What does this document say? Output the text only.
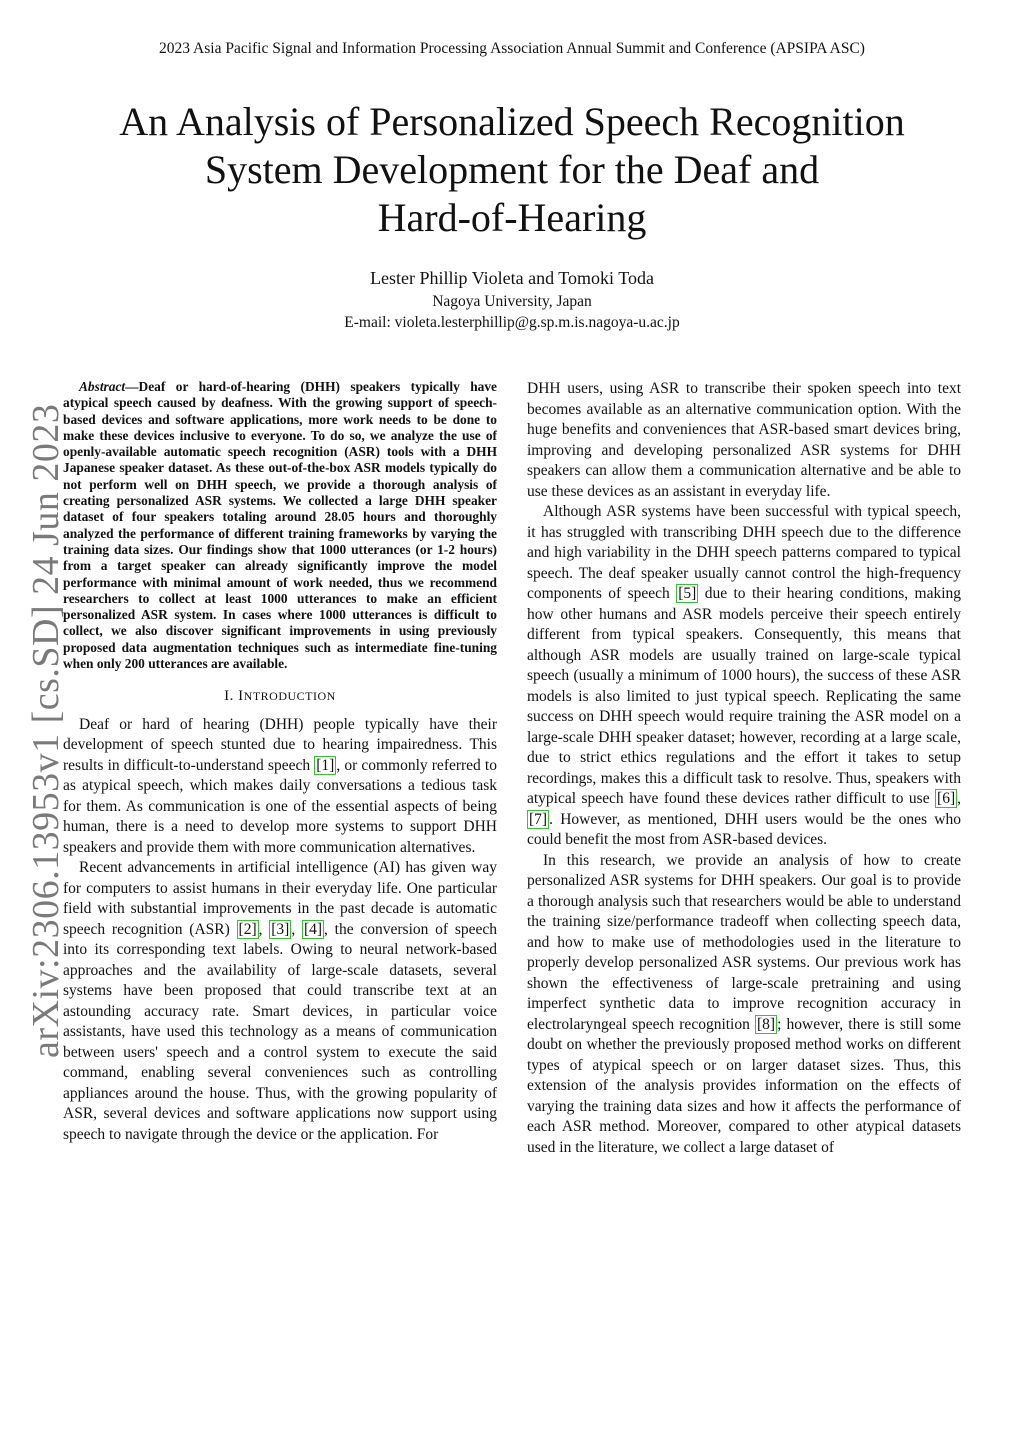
2023 Asia Pacific Signal and Information Processing Association Annual Summit and Conference (APSIPA ASC)
An Analysis of Personalized Speech Recognition
System Development for the Deaf and
Hard-of-Hearing
Lester Phillip Violeta and Tomoki Toda
Nagoya University, Japan
E-mail: violeta.lesterphillip@g.sp.m.is.nagoya-u.ac.jp
arXiv:2306.13953v1 [cs.SD] 24 Jun 2023

Abstract—Deaf or hard-of-hearing (DHH) speakers typically have atypical speech caused by deafness. With the growing support of speech-based devices and software applications, more work needs to be done to make these devices inclusive to everyone. To do so, we analyze the use of openly-available automatic speech recognition (ASR) tools with a DHH Japanese speaker dataset. As these out-of-the-box ASR models typically do not perform well on DHH speech, we provide a thorough analysis of creating personalized ASR systems. We collected a large DHH speaker dataset of four speakers totaling around 28.05 hours and thoroughly analyzed the performance of different training frameworks by varying the training data sizes. Our findings show that 1000 utterances (or 1-2 hours) from a target speaker can already significantly improve the model performance with minimal amount of work needed, thus we recommend researchers to collect at least 1000 utterances to make an efficient personalized ASR system. In cases where 1000 utterances is difficult to collect, we also discover significant improvements in using previously proposed data augmentation techniques such as intermediate fine-tuning when only 200 utterances are available.

I. INTRODUCTION

Deaf or hard of hearing (DHH) people typically have their development of speech stunted due to hearing impairedness. This results in difficult-to-understand speech [1] , or commonly referred to as atypical speech, which makes daily conversations a tedious task for them. As communication is one of the essential aspects of being human, there is a need to develop more systems to support DHH speakers and provide them with more communication alternatives.

Recent advancements in artificial intelligence (AI) has given way for computers to assist humans in their everyday life. One particular field with substantial improvements in the past decade is automatic speech recognition (ASR) [2] , [3] , [4] , the conversion of speech into its corresponding text labels. Owing to neural network-based approaches and the availability of large-scale datasets, several systems have been proposed that could transcribe text at an astounding accuracy rate. Smart devices, in particular voice assistants, have used this technology as a means of communication between users' speech and a control system to execute the said command, enabling several conveniences such as controlling appliances around the house. Thus, with the growing popularity of ASR, several devices and software applications now support using speech to navigate through the device or the application. For

DHH users, using ASR to transcribe their spoken speech into text becomes available as an alternative communication option. With the huge benefits and conveniences that ASR-based smart devices bring, improving and developing personalized ASR systems for DHH speakers can allow them a communication alternative and be able to use these devices as an assistant in everyday life.

Although ASR systems have been successful with typical speech, it has struggled with transcribing DHH speech due to the difference and high variability in the DHH speech patterns compared to typical speech. The deaf speaker usually cannot control the high-frequency components of speech [5] due to their hearing conditions, making how other humans and ASR models perceive their speech entirely different from typical speakers. Consequently, this means that although ASR models are usually trained on large-scale typical speech (usually a minimum of 1000 hours), the success of these ASR models is also limited to just typical speech. Replicating the same success on DHH speech would require training the ASR model on a large-scale DHH speaker dataset; however, recording at a large scale, due to strict ethics regulations and the effort it takes to setup recordings, makes this a difficult task to resolve. Thus, speakers with atypical speech have found these devices rather difficult to use [6] , [7] . However, as mentioned, DHH users would be the ones who could benefit the most from ASR-based devices.

In this research, we provide an analysis of how to create personalized ASR systems for DHH speakers. Our goal is to provide a thorough analysis such that researchers would be able to understand the training size/performance tradeoff when collecting speech data, and how to make use of methodologies used in the literature to properly develop personalized ASR systems. Our previous work has shown the effectiveness of large-scale pretraining and using imperfect synthetic data to improve recognition accuracy in electrolaryngeal speech recognition [8] ; however, there is still some doubt on whether the previously proposed method works on different types of atypical speech or on larger dataset sizes. Thus, this extension of the analysis provides information on the effects of varying the training data sizes and how it affects the performance of each ASR method. Moreover, compared to other atypical datasets used in the literature, we collect a large dataset of
